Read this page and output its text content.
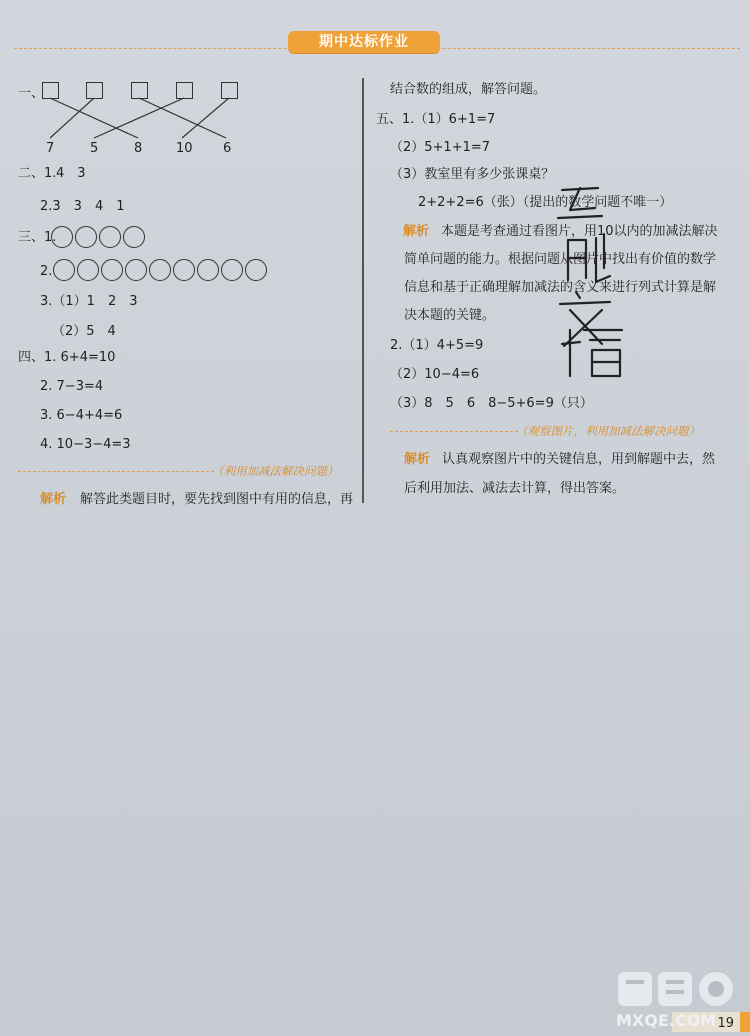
期中达标作业
一、
7	5	8	10 6
二、1. 4　3
2.3　3　4　1
三、1.
2.
3.（1）1　2　3
（2）5　4
四、1. 6+4=10
2. 7−3=4
3. 6−4+4=6
4. 10−3−4=3
（利用加减法解决问题）
解析 解答此类题目时，要先找到图中有用的信息，再
结合数的组成，解答问题。
五、1.（1）6+1=7
（2）5+1+1=7
（3）教室里有多少张课桌？
2+2+2=6（张）（提出的数学问题不唯一）
解析 本题是考查通过看图片，用10以内的加减法解决
简单问题的能力。根据问题从图片中找出有价值的数学
信息和基于正确理解加减法的含义来进行列式计算是解
决本题的关键。
2.（1）4+5=9
（2）10−4=6
（3）8　5　6　8−5+6=9（只）
（观察图片，利用加减法解决问题）
解析 认真观察图片中的关键信息，用到解题中去，然
后利用加法、减法去计算，得出答案。
19
MXQE.COM
